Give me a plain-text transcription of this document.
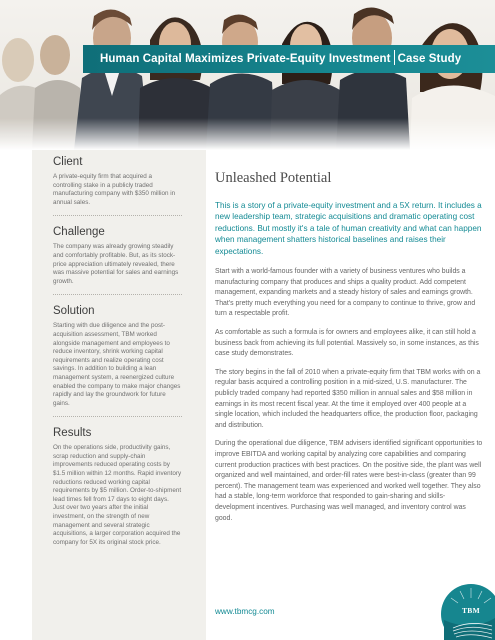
Human Capital Maximizes Private-Equity Investment Case Study
Client
A private-equity firm that acquired a controlling stake in a publicly traded manufacturing company with $350 million in annual sales.
Challenge
The company was already growing steadily and comfortably profitable. But, as its stock-price appreciation ultimately revealed, there was massive potential for sales and earnings growth.
Solution
Starting with due diligence and the post-acquisition assessment, TBM worked alongside management and employees to reduce inventory, shrink working capital requirements and realize operating cost savings. In addition to building a lean management system, a reenergized culture enabled the company to make major changes rapidly and lay the groundwork for future gains.
Results
On the operations side, productivity gains, scrap reduction and supply-chain improvements reduced operating costs by $1.5 million within 12 months. Rapid inventory reductions reduced working capital requirements by $5 million. Order-to-shipment lead times fell from 17 days to eight days. Just over two years after the initial investment, on the strength of new management and several strategic acquisitions, a larger corporation acquired the company for 5X its original stock price.
Unleashed Potential
This is a story of a private-equity investment and a 5X return. It includes a new leadership team, strategic acquisitions and dramatic operating cost reductions. But mostly it's a tale of human creativity and what can happen when management shatters historical baselines and raises their expectations.

Start with a world-famous founder with a variety of business ventures who builds a manufacturing company that produces and ships a quality product. Add competent management, expanding markets and a steady history of sales and earnings growth. That's pretty much everything you need for a company to continue to thrive, grow and turn a respectable profit.

As comfortable as such a formula is for owners and employees alike, it can still hold a business back from achieving its full potential. Massively so, in some instances, as this case study demonstrates.

The story begins in the fall of 2010 when a private-equity firm that TBM works with on a regular basis acquired a controlling position in a mid-sized, U.S. manufacturer. The publicly traded company had reported $350 million in annual sales and $58 million in earnings in its most recent fiscal year. At the time it employed over 400 people at a single location, which included the headquarters office, the production floor, packaging and distribution.

During the operational due diligence, TBM advisers identified significant opportunities to improve EBITDA and working capital by analyzing core capabilities and comparing current production practices with best practices. On the positive side, the plant was well organized and well maintained, and order-fill rates were best-in-class (greater than 99 percent). The management team was experienced and worked well together. They also had a stable, long-term workforce that responded to gain-sharing and skills-development incentives. Purchasing was well managed, and inventory control was good.

www.tbmcg.com	TBM
